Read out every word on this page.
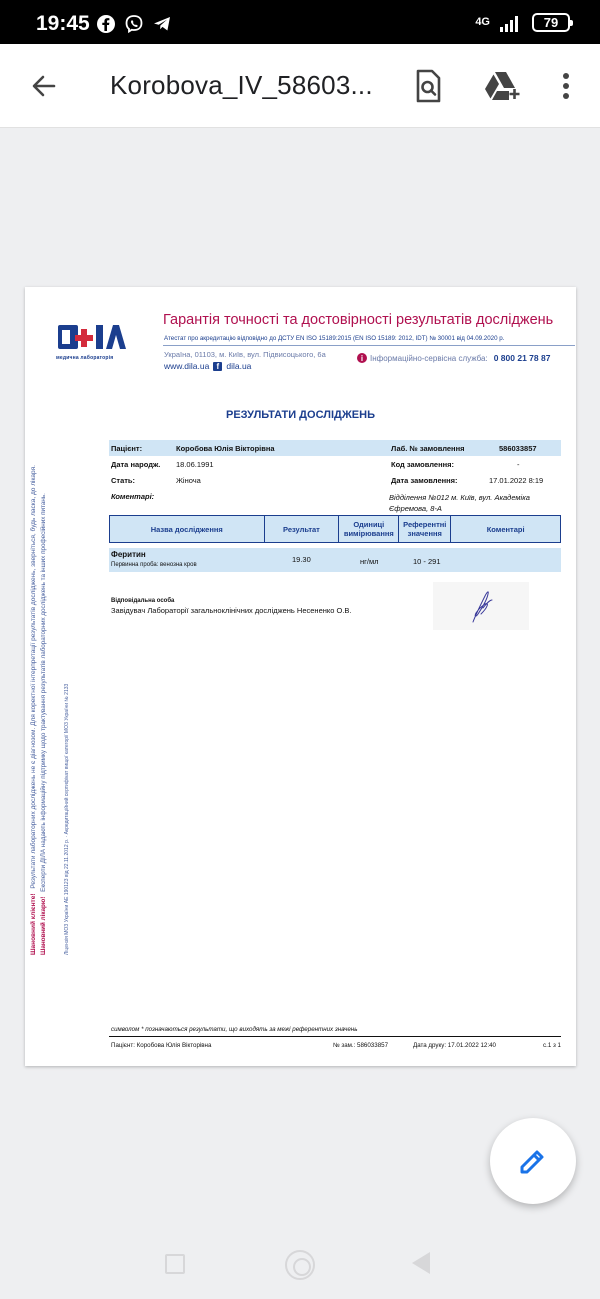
19:45	4G	79
Korobova_IV_58603...
медична лабораторія
Гарантія точності та достовірності результатів досліджень
Атестат про акредитацію відповідно до ДСТУ EN ISO 15189:2015 (EN ISO 15189: 2012, IDT) № 30001 від 04.09.2020 р.
Україна, 01103, м. Київ, вул. Підвисоцького, 6а
www.dila.ua f dila.ua
i Інформаційно-сервісна служба: 0 800 21 78 87
Шановний клієнте! Результати лабораторних досліджень не є діагнозом. Для коректної інтерпретації результатів досліджень, зверніться, будь ласка, до лікаря.
Шановний лікарю! Експерти ДІЛА надають інформаційну підтримку щодо трактування результатів лабораторних досліджень та інших професійних питань.	Ліцензія МОЗ України АЕ 190123 від 22.11.2012 р. · Акредитаційний сертифікат вищої категорії МОЗ України № 2133
РЕЗУЛЬТАТИ ДОСЛІДЖЕНЬ
Пацієнт:	Коробова Юлія Вікторівна	Лаб. № замовлення	586033857
Дата народж. 18.06.1991	Код замовлення:	-
Стать:	Жіноча	Дата замовлення:	17.01.2022 8:19
Коментарі:	Відділення №012 м. Київ, вул. Академіка Єфремова, 8-А
Назва дослідження	Результат	Одиниці вимірювання	Референтні значення	Коментарі
Феритин
Первинна проба: венозна кров
19.30	нг/мл	10 - 291
Відповідальна особа
Завідувач Лабораторії загальноклінічних досліджень Несененко О.В.
символом * позначаються результати, що виходять за межі референтних значень
Пацієнт: Коробова Юлія Вікторівна	№ зам.: 586033857	Дата друку: 17.01.2022 12:40	с.1 з 1
